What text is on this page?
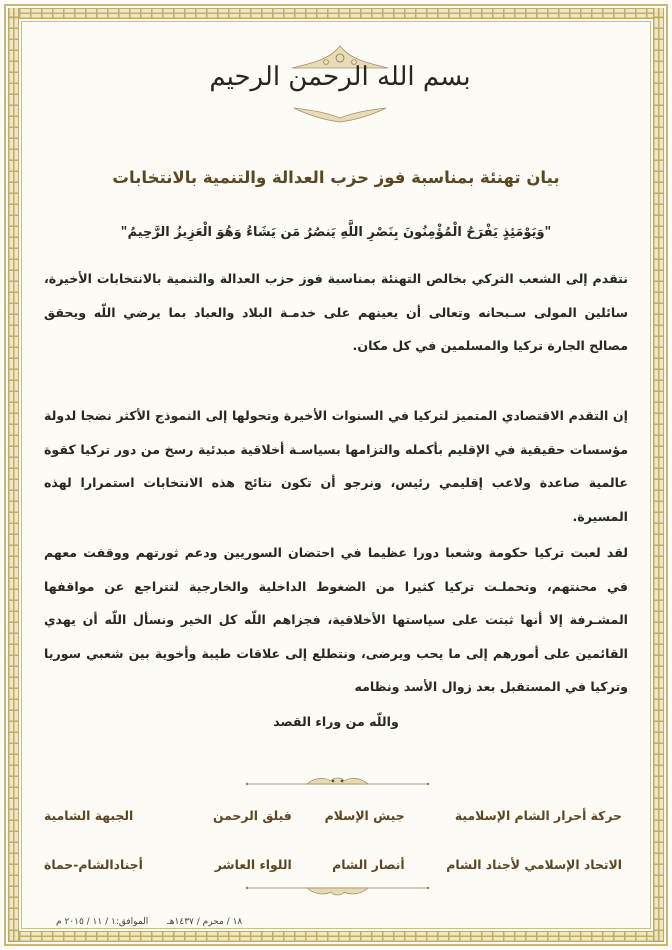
بسم الله الرحمن الرحيم
بيان تهنئة بمناسبة فوز حزب العدالة والتنمية بالانتخابات
"وَيَوْمَئِذٍ يَفْرَحُ الْمُؤْمِنُونَ بِنَصْرِ اللَّهِ يَنصُرُ مَن يَشَاءُ وَهُوَ الْعَزِيزُ الرَّحِيمُ"
نتقدم إلى الشعب التركي بخالص التهنئة بمناسبة فوز حزب العدالة والتنمية بالانتخابات الأخيرة، سائلين المولى سـبحانه وتعالى أن يعينهم على خدمـة البلاد والعباد بما يرضي اللّه ويحقق مصالح الجارة تركيا والمسلمين في كل مكان.
إن التقدم الاقتصادي المتميز لتركيا في السنوات الأخيرة وتحولها إلى النموذج الأكثر نضجا لدولة مؤسسات حقيقية في الإقليم بأكمله والتزامها بسياسـة أخلاقية مبدئية رسخ من دور تركيا كقوة عالمية صاعدة ولاعب إقليمي رئيس، ونرجو أن تكون نتائج هذه الانتخابات استمرارا لهذه المسيرة.
لقد لعبت تركيا حكومة وشعبا دورا عظيما في احتضان السوريين ودعم ثورتهم ووقفت معهم في محنتهم، وتحملـت تركيا كثيرا من الضغوط الداخلية والخارجية لتتراجع عن مواقفها المشـرفة إلا أنها ثبتت على سياستها الأخلاقية، فجزاهم اللّه كل الخير ونسأل اللّه أن يهدي القائمين على أمورهم إلى ما يحب ويرضى، ونتطلع إلى علاقات طيبة وأخوية بين شعبي سوريا وتركيا في المستقبل بعد زوال الأسد ونظامه
واللّه من وراء القصد
حركة أحرار الشام الإسلامية
جيش الإسلام
فيلق الرحمن
الجبهة الشامية
الاتحاد الإسلامي لأجناد الشام
أنصار الشام
اللواء العاشر
أجنادالشام-حماة
١٨ / محرم / ١٤٣٧هـ الموافق:١ / ١١ / ٢٠١٥ م
